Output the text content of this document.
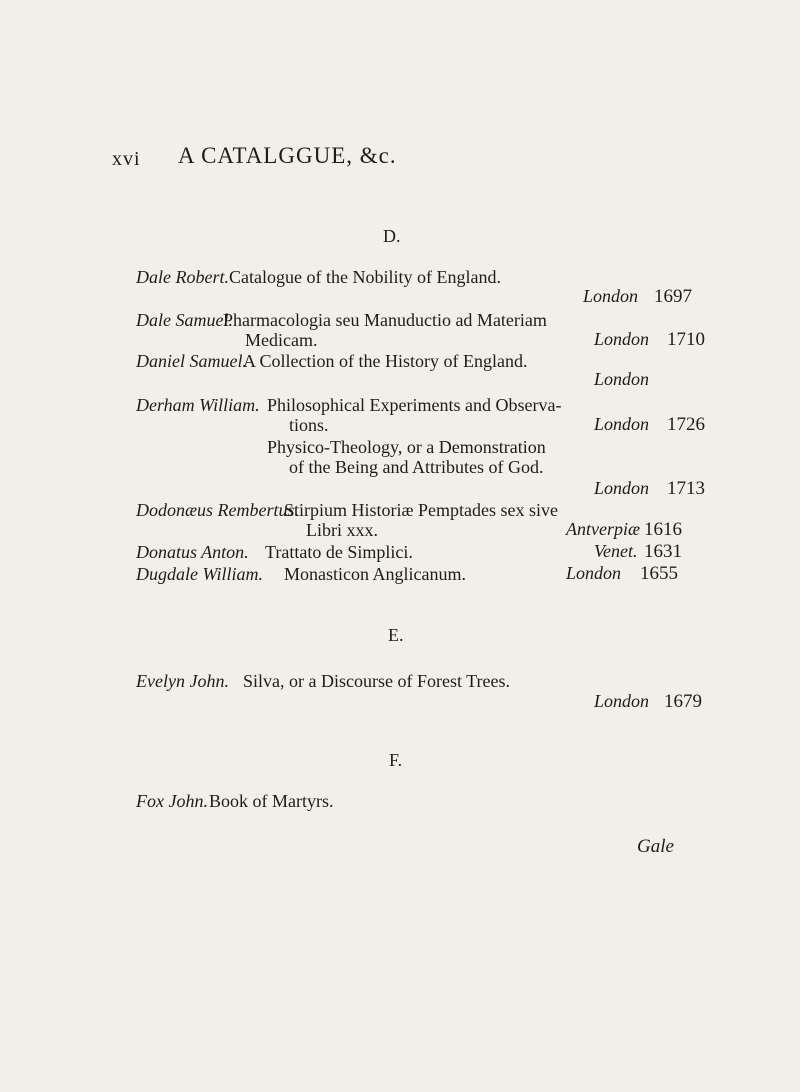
xvi A CATALGGUE, &c.
D.
Dale Robert. Catalogue of the Nobility of England.
London 1697
Dale Samuel.
Pharmacologia seu Manuductio ad Materiam
Medicam.	London 1710
Daniel Samuel.
A Collection of the History of England.
London
Derham William. Philosophical Experiments and Observa-
tions.	London 1726
Physico-Theology, or a Demonstration
of the Being and Attributes of God.
London 1713
Dodonæus Rembertus.
Stirpium Historiæ Pemptades sex sive
Libri xxx.	Antverpiæ 1616
Donatus Anton. Trattato de Simplici.	Venet. 1631
Dugdale William. Monasticon Anglicanum.	London 1655
E.
Evelyn John. Silva, or a Discourse of Forest Trees.
London 1679
F.
Fox John. Book of Martyrs.
Gale
